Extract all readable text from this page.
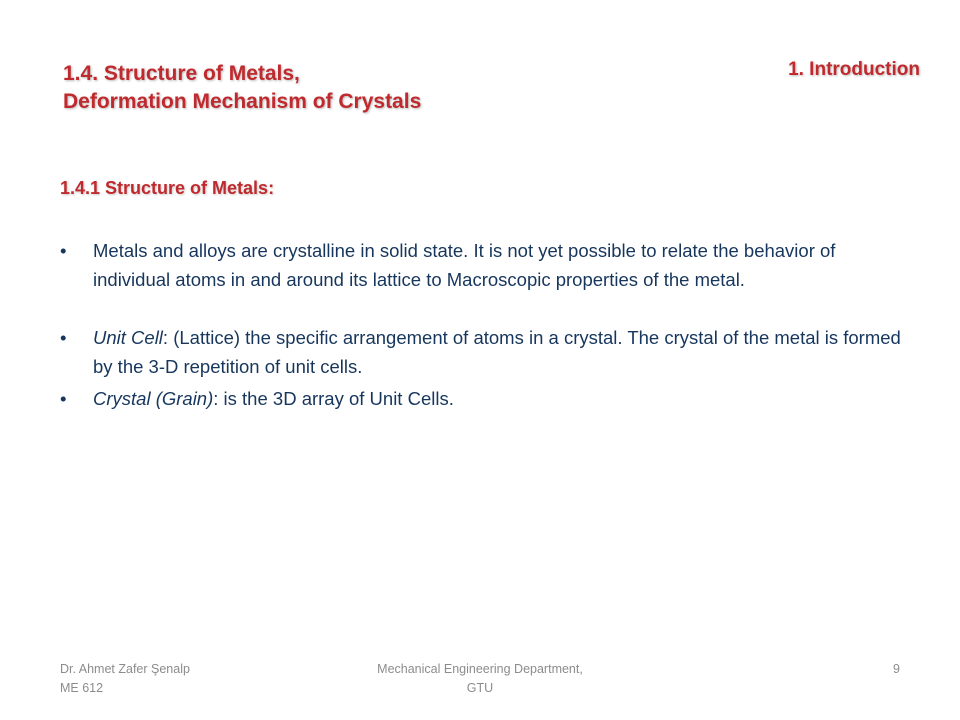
1.4. Structure of Metals,
Deformation Mechanism of Crystals
1. Introduction
1.4.1 Structure of Metals:
•	Metals and alloys are crystalline in solid state. It is not yet possible to relate the behavior of individual atoms in and around its lattice to Macroscopic properties of the metal.
•	Unit Cell: (Lattice) the specific arrangement of atoms in a crystal. The crystal of the metal is formed by the 3-D repetition of unit cells.
•	Crystal (Grain): is the 3D array of Unit Cells.
Dr. Ahmet Zafer Şenalp
ME 612
Mechanical Engineering Department,
GTU
9
